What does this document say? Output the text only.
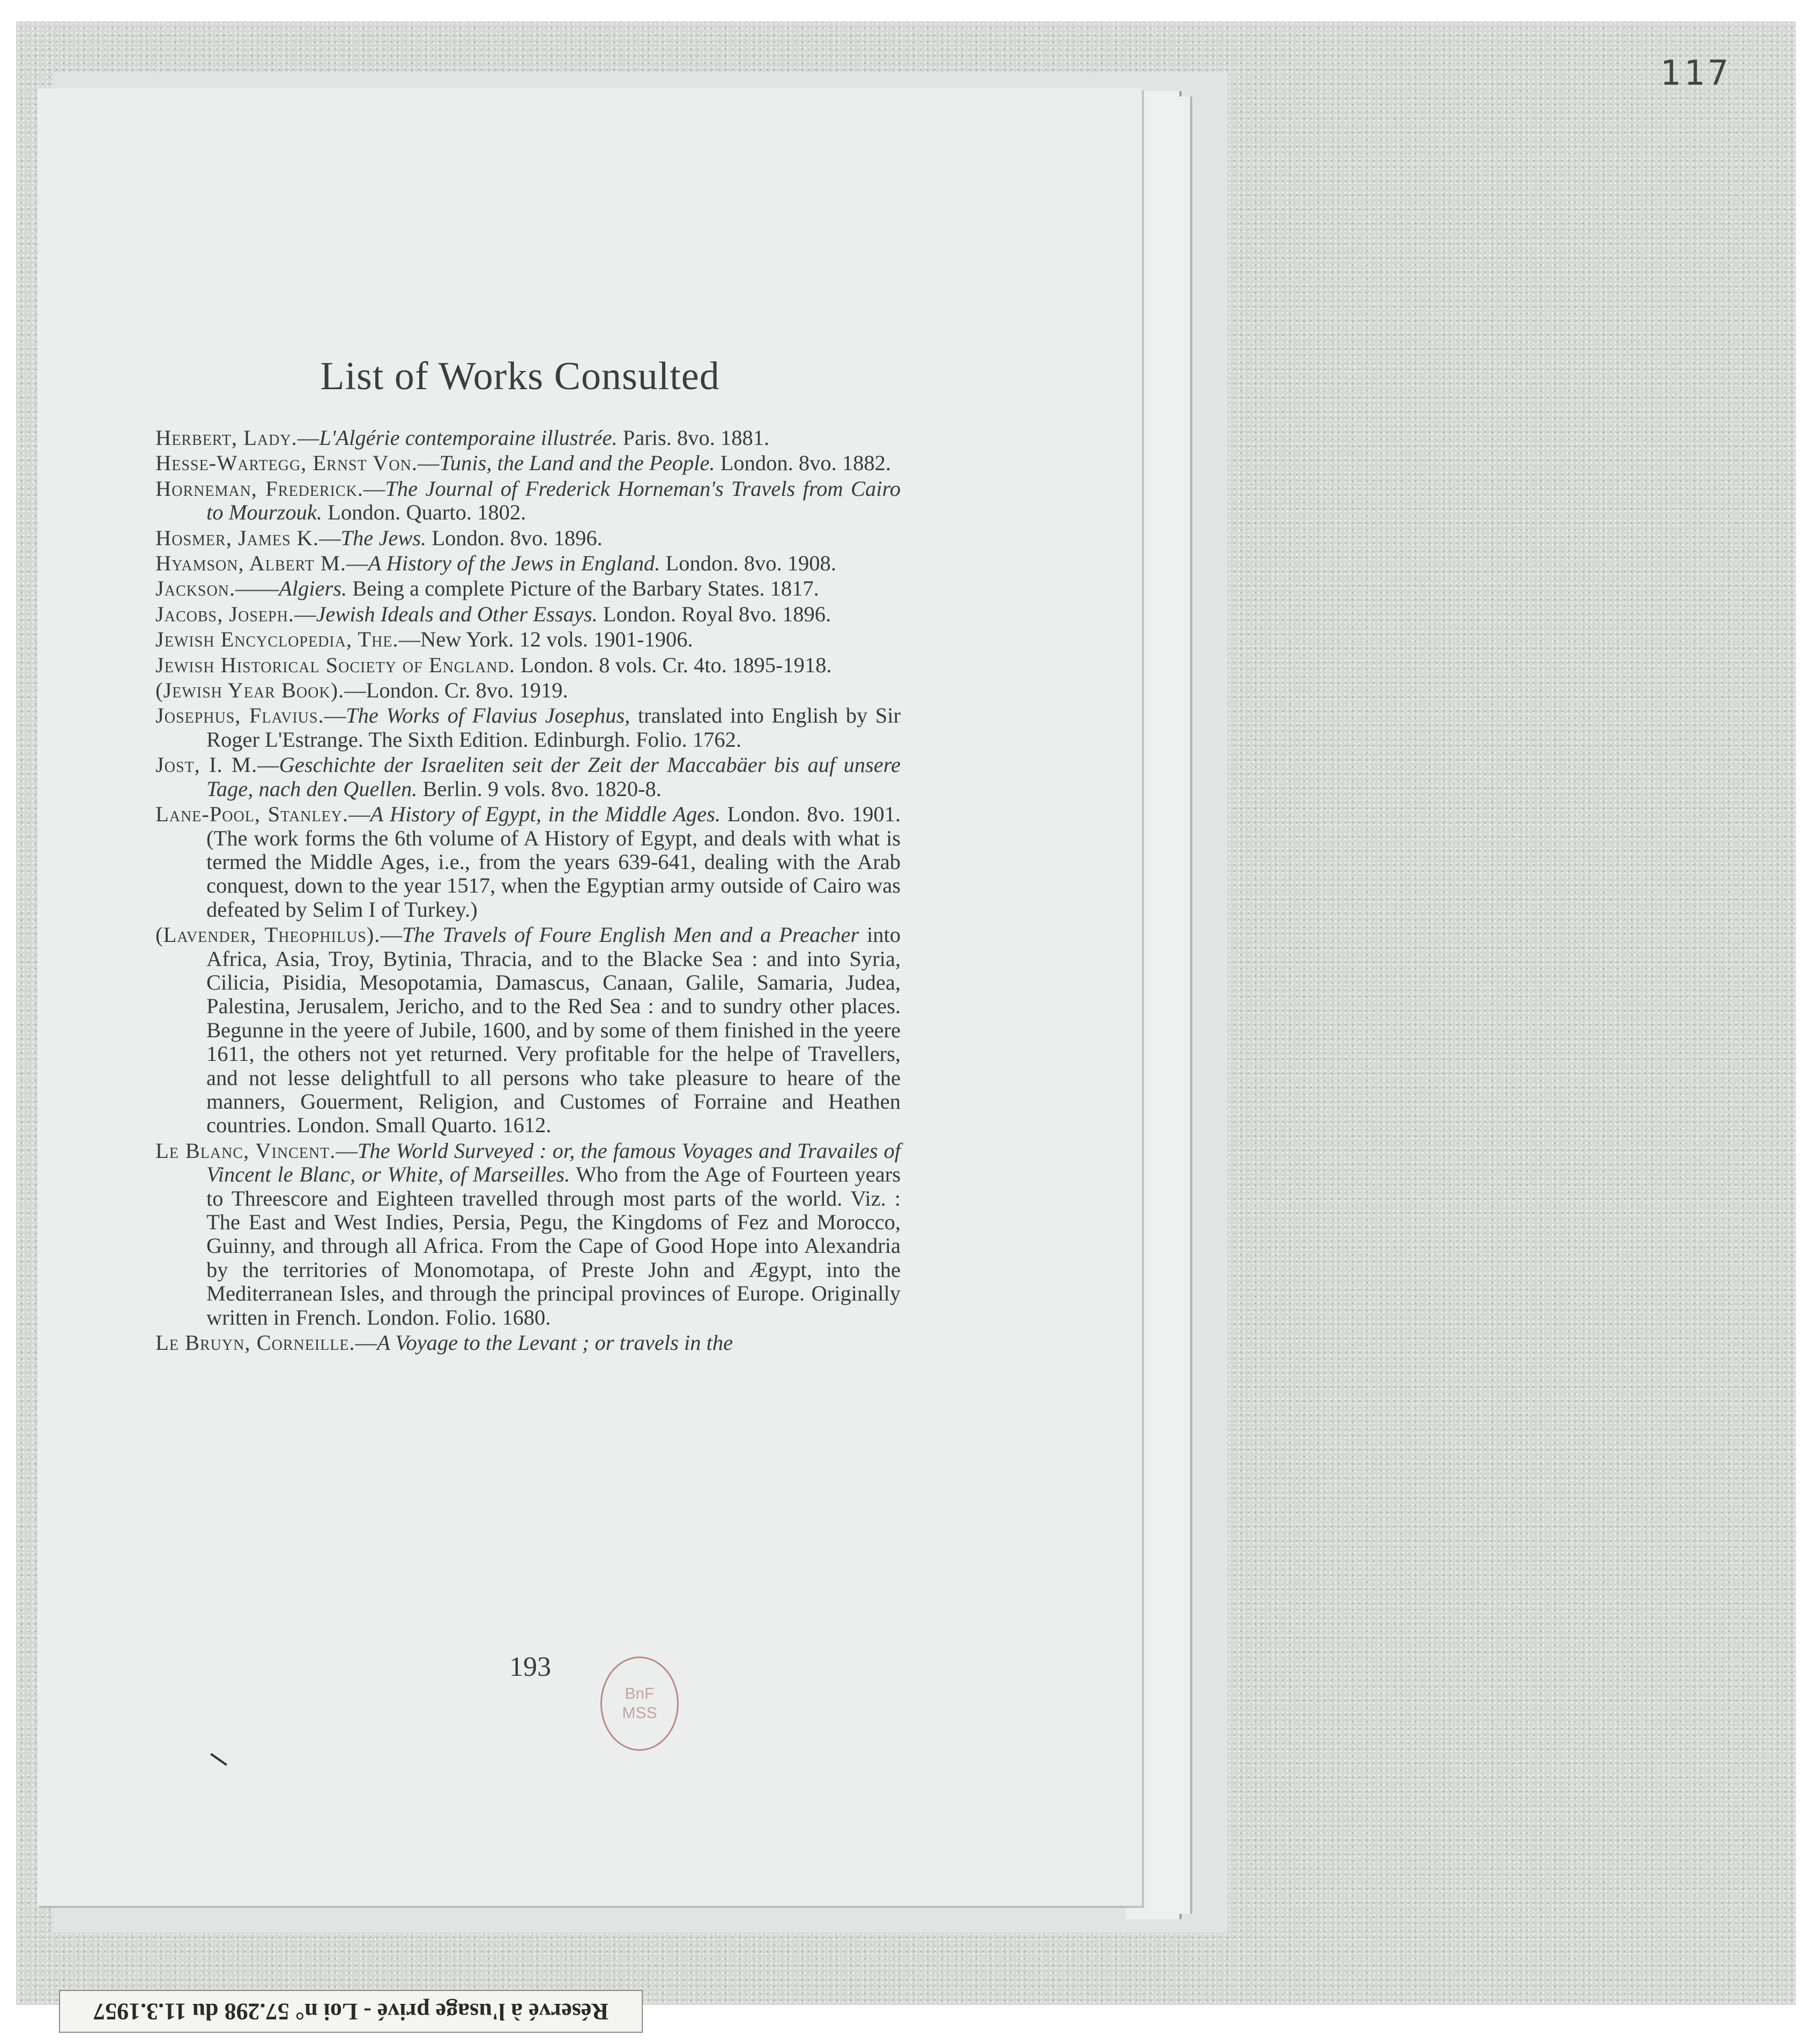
117
List of Works Consulted
Herbert, Lady.—L'Algérie contemporaine illustrée. Paris. 8vo. 1881.
Hesse-Wartegg, Ernst Von.—Tunis, the Land and the People. London. 8vo. 1882.
Horneman, Frederick.—The Journal of Frederick Horneman's Travels from Cairo to Mourzouk. London. Quarto. 1802.
Hosmer, James K.—The Jews. London. 8vo. 1896.
Hyamson, Albert M.—A History of the Jews in England. London. 8vo. 1908.
Jackson.——Algiers. Being a complete Picture of the Barbary States. 1817.
Jacobs, Joseph.—Jewish Ideals and Other Essays. London. Royal 8vo. 1896.
Jewish Encyclopedia, The.—New York. 12 vols. 1901-1906.
Jewish Historical Society of England. London. 8 vols. Cr. 4to. 1895-1918.
(Jewish Year Book).—London. Cr. 8vo. 1919.
Josephus, Flavius.—The Works of Flavius Josephus, translated into English by Sir Roger L'Estrange. The Sixth Edition. Edinburgh. Folio. 1762.
Jost, I. M.—Geschichte der Israeliten seit der Zeit der Maccabäer bis auf unsere Tage, nach den Quellen. Berlin. 9 vols. 8vo. 1820-8.
Lane-Pool, Stanley.—A History of Egypt, in the Middle Ages. London. 8vo. 1901. (The work forms the 6th volume of A History of Egypt, and deals with what is termed the Middle Ages, i.e., from the years 639-641, dealing with the Arab conquest, down to the year 1517, when the Egyptian army outside of Cairo was defeated by Selim I of Turkey.)
(Lavender, Theophilus).—The Travels of Foure English Men and a Preacher into Africa, Asia, Troy, Bytinia, Thracia, and to the Blacke Sea : and into Syria, Cilicia, Pisidia, Mesopotamia, Damascus, Canaan, Galile, Samaria, Judea, Palestina, Jerusalem, Jericho, and to the Red Sea : and to sundry other places. Begunne in the yeere of Jubile, 1600, and by some of them finished in the yeere 1611, the others not yet returned. Very profitable for the helpe of Travellers, and not lesse delightfull to all persons who take pleasure to heare of the manners, Gouerment, Religion, and Customes of Forraine and Heathen countries. London. Small Quarto. 1612.
Le Blanc, Vincent.—The World Surveyed : or, the famous Voyages and Travailes of Vincent le Blanc, or White, of Marseilles. Who from the Age of Fourteen years to Threescore and Eighteen travelled through most parts of the world. Viz. : The East and West Indies, Persia, Pegu, the Kingdoms of Fez and Morocco, Guinny, and through all Africa. From the Cape of Good Hope into Alexandria by the territories of Monomotapa, of Preste John and Ægypt, into the Mediterranean Isles, and through the principal provinces of Europe. Originally written in French. London. Folio. 1680.
Le Bruyn, Corneille.—A Voyage to the Levant ; or travels in the
193
BnF
MSS
Réservé à l'usage privé - Loi n° 57.298 du 11.3.1957
